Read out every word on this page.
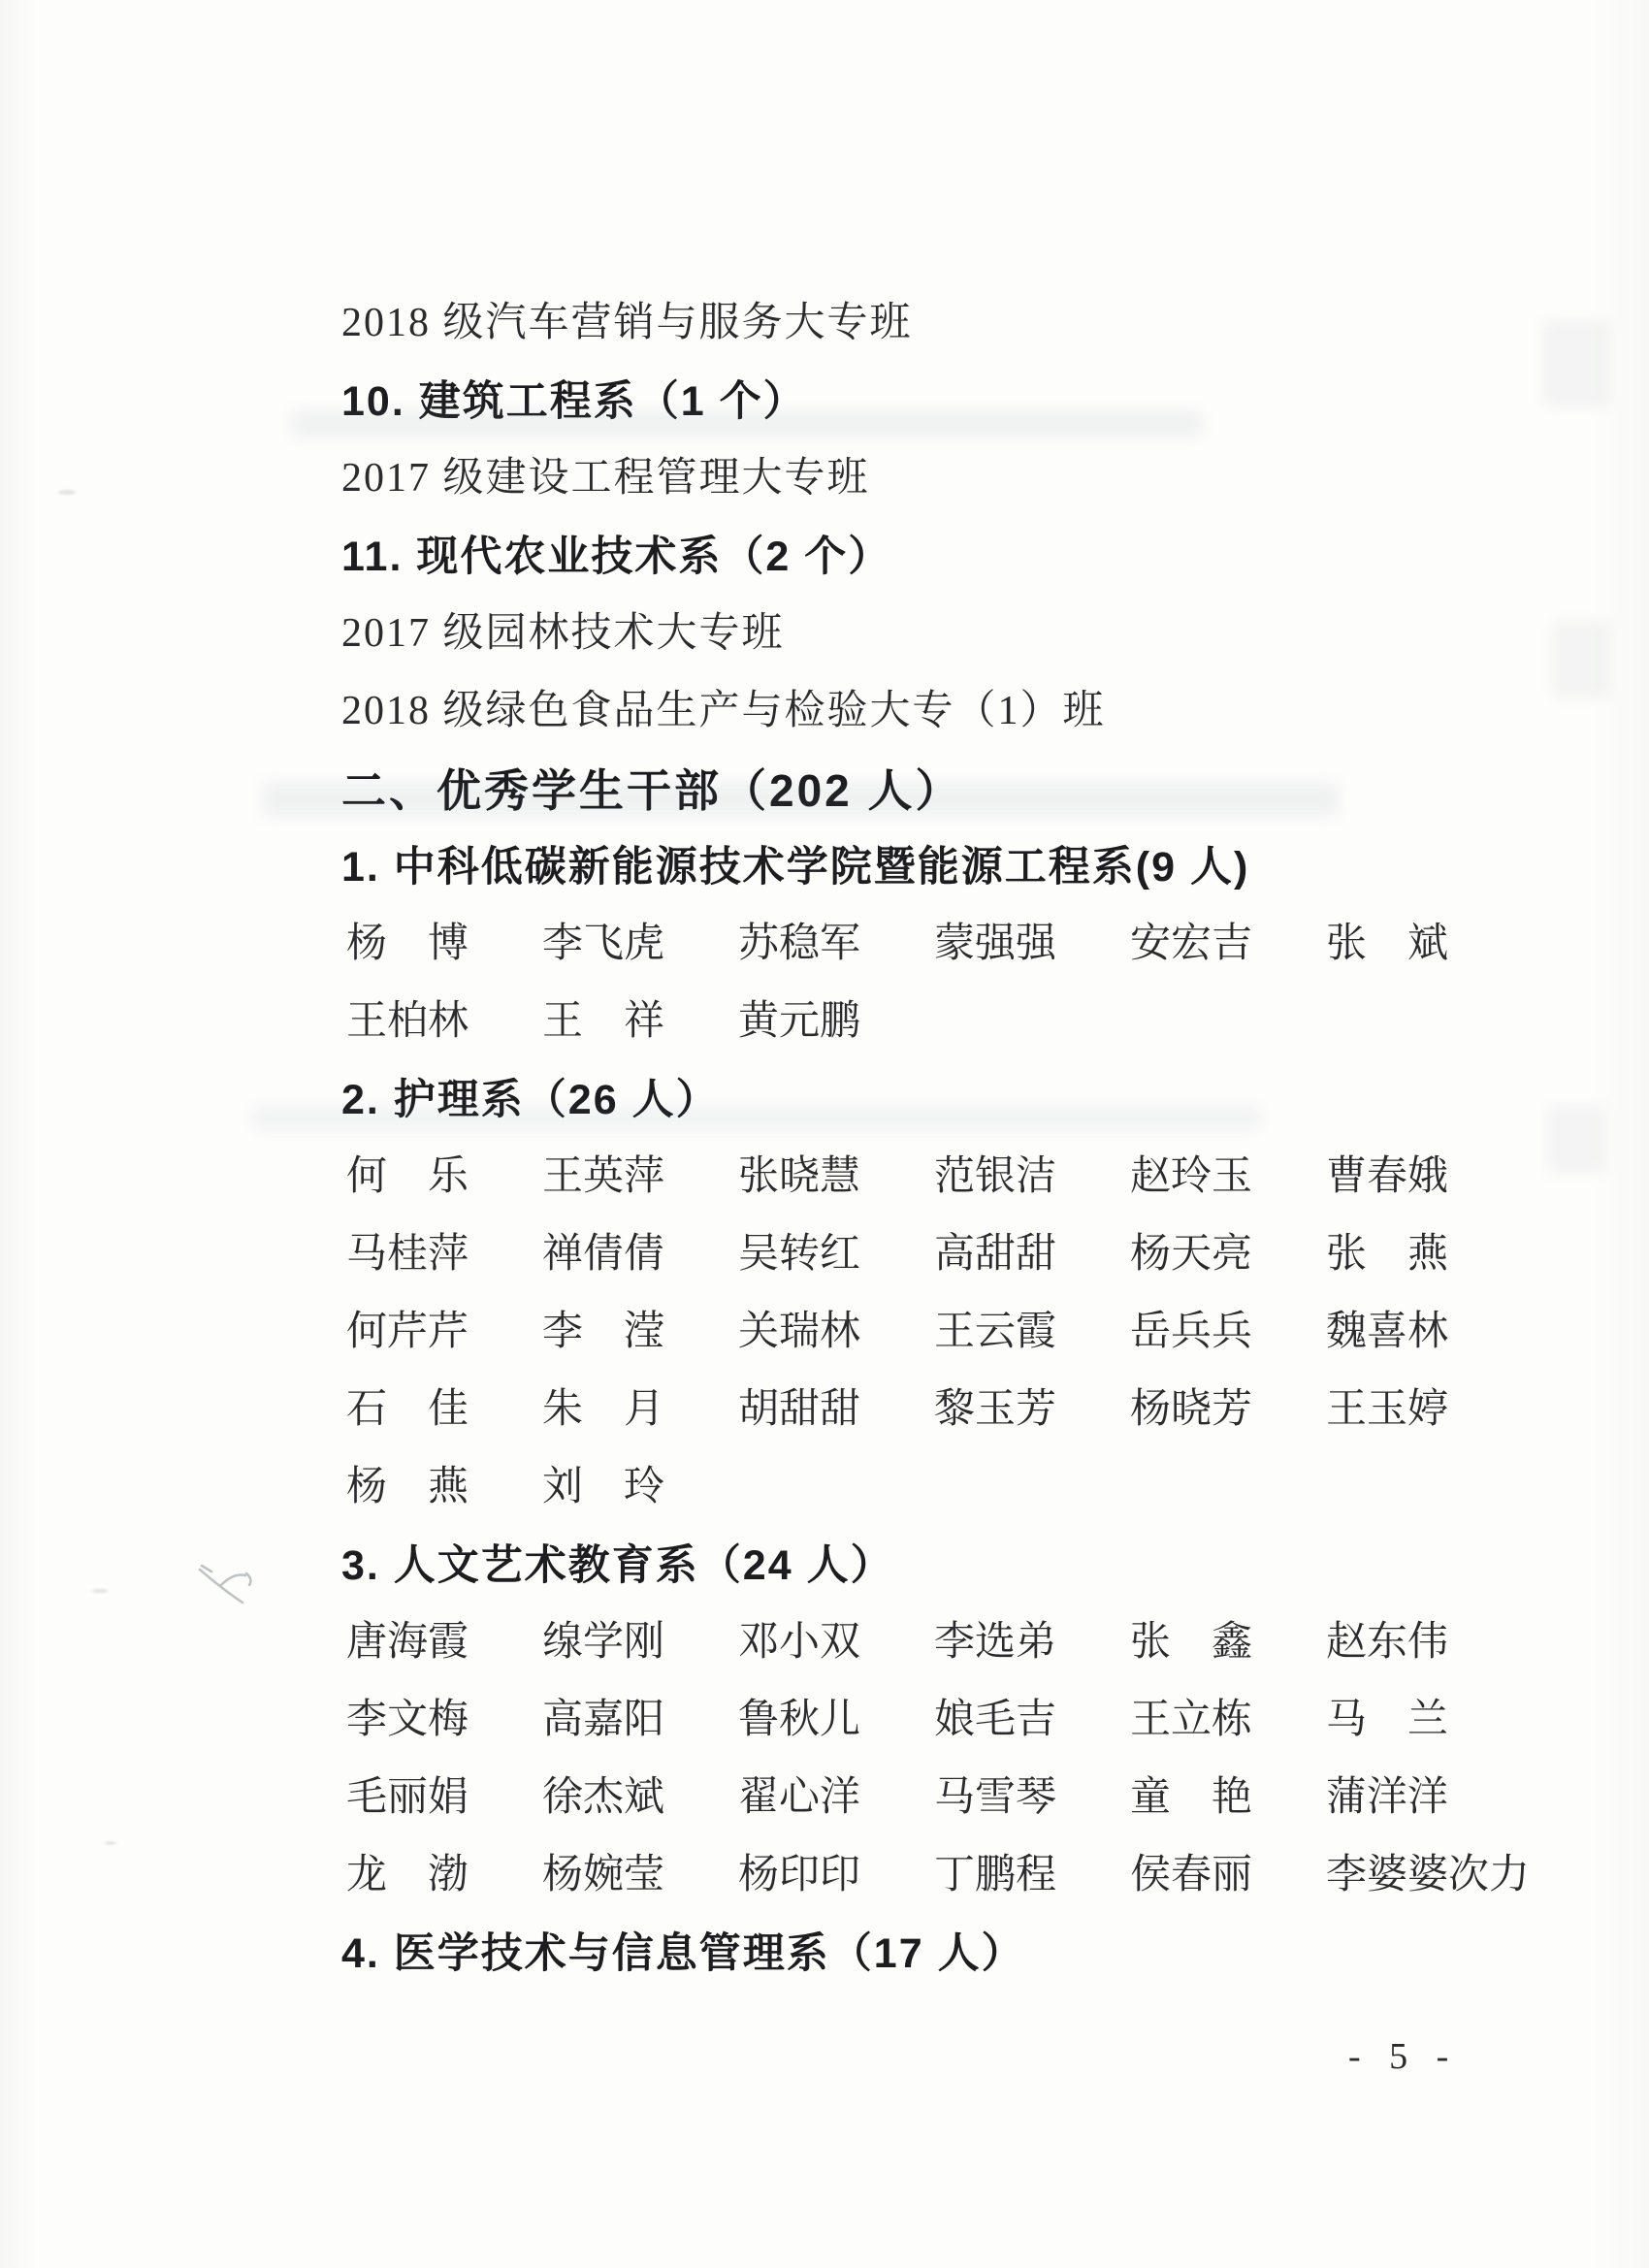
2018 级汽车营销与服务大专班
10. 建筑工程系（1 个）
2017 级建设工程管理大专班
11. 现代农业技术系（2 个）
2017 级园林技术大专班
2018 级绿色食品生产与检验大专（1）班
二、优秀学生干部（202 人）
1. 中科低碳新能源技术学院暨能源工程系(9 人)
杨　博	李飞虎	苏稳军	蒙强强	安宏吉	张　斌
王柏林	王　祥	黄元鹏
2. 护理系（26 人）
何　乐	王英萍	张晓慧	范银洁	赵玲玉	曹春娥
马桂萍	禅倩倩	吴转红	高甜甜	杨天亮	张　燕
何芹芹	李　滢	关瑞林	王云霞	岳兵兵	魏喜林
石　佳	朱　月	胡甜甜	黎玉芳	杨晓芳	王玉婷
杨　燕	刘　玲
3. 人文艺术教育系（24 人）
唐海霞	缐学刚	邓小双	李选弟	张　鑫	赵东伟
李文梅	高嘉阳	鲁秋儿	娘毛吉	王立栋	马　兰
毛丽娟	徐杰斌	翟心洋	马雪琴	童　艳	蒲洋洋
龙　渤	杨婉莹	杨印印	丁鹏程	侯春丽	李婆婆次力
4. 医学技术与信息管理系（17 人）
- 5 -
